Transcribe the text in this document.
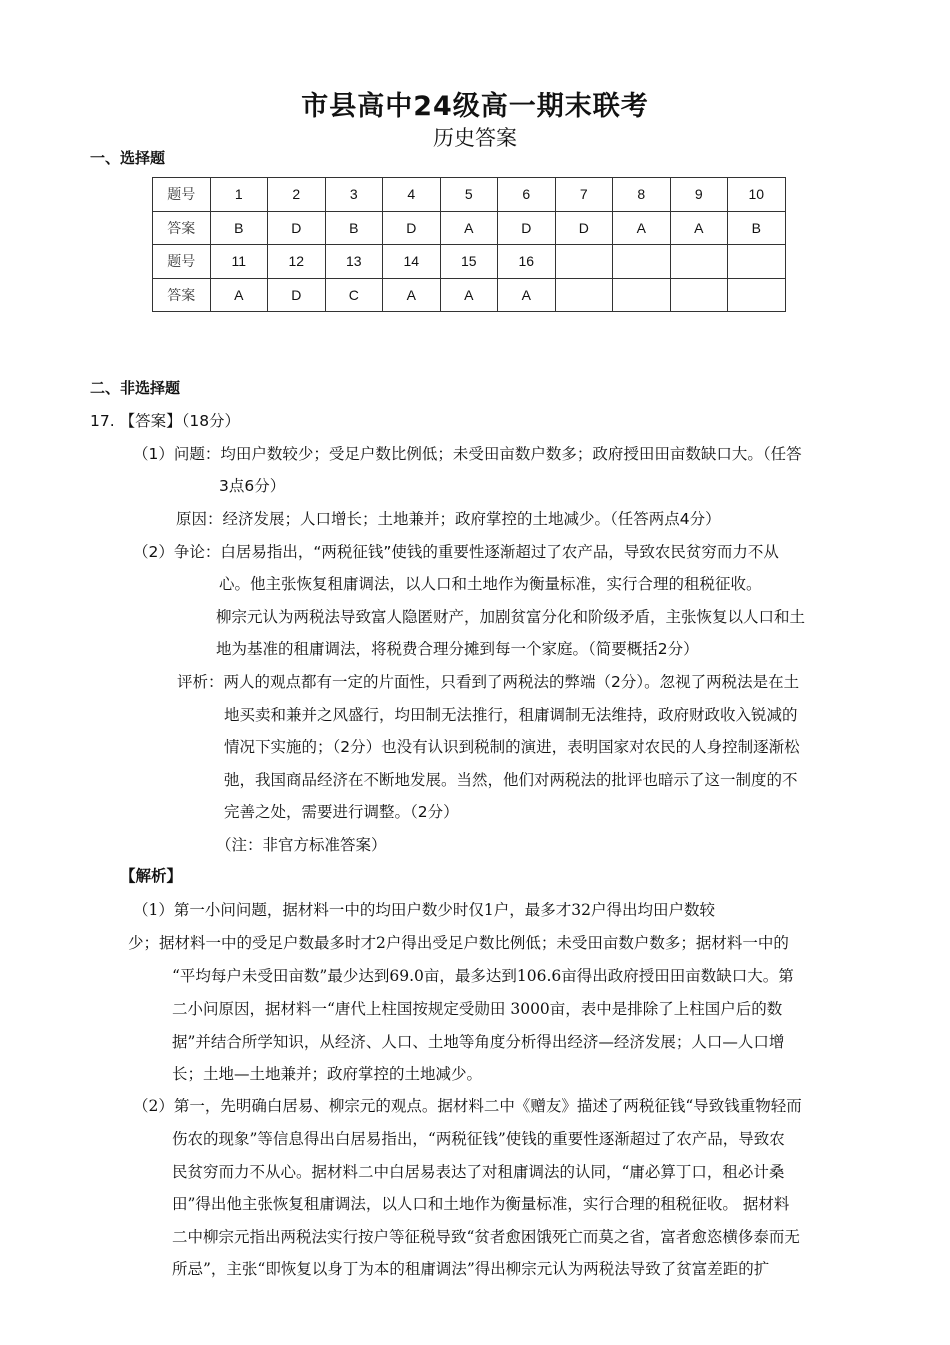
市县高中24级高一期末联考
历史答案
一、选择题
题号	1	2	3	4	5	6	7	8	9	10
答案	B	D	B	D	A	D	D	A	A	B
题号	11	12	13	14	15	16				
答案	A	D	C	A	A	A				
二、非选择题
17. 【答案】（18分）
（1）问题：均田户数较少；受足户数比例低；未受田亩数户数多；政府授田田亩数缺口大。（任答
3点6分）
原因：经济发展；人口增长；土地兼并；政府掌控的土地减少。（任答两点4分）
（2）争论：白居易指出，“两税征钱”使钱的重要性逐渐超过了农产品，导致农民贫穷而力不从
心。他主张恢复租庸调法，以人口和土地作为衡量标准，实行合理的租税征收。
柳宗元认为两税法导致富人隐匿财产，加剧贫富分化和阶级矛盾，主张恢复以人口和土
地为基准的租庸调法，将税费合理分摊到每一个家庭。（简要概括2分）
评析：两人的观点都有一定的片面性，只看到了两税法的弊端（2分）。忽视了两税法是在土
地买卖和兼并之风盛行，均田制无法推行，租庸调制无法维持，政府财政收入锐减的
情况下实施的；（2分）也没有认识到税制的演进，表明国家对农民的人身控制逐渐松
弛，我国商品经济在不断地发展。当然，他们对两税法的批评也暗示了这一制度的不
完善之处，需要进行调整。（2分）
（注：非官方标准答案）
【解析】
（1）第一小问问题，据材料一中的均田户数少时仅1户，最多才32户得出均田户数较
少；据材料一中的受足户数最多时才2户得出受足户数比例低；未受田亩数户数多；据材料一中的
“平均每户未受田亩数”最少达到69.0亩，最多达到106.6亩得出政府授田田亩数缺口大。第
二小问原因，据材料一“唐代上柱国按规定受勋田 3000亩，表中是排除了上柱国户后的数
据”并结合所学知识，从经济、人口、土地等角度分析得出经济—经济发展；人口—人口增
长；土地—土地兼并；政府掌控的土地减少。
（2）第一，先明确白居易、柳宗元的观点。据材料二中《赠友》描述了两税征钱“导致钱重物轻而
伤农的现象”等信息得出白居易指出，“两税征钱”使钱的重要性逐渐超过了农产品，导致农
民贫穷而力不从心。据材料二中白居易表达了对租庸调法的认同，“庸必算丁口，租必计桑
田”得出他主张恢复租庸调法，以人口和土地作为衡量标准，实行合理的租税征收。 据材料
二中柳宗元指出两税法实行按户等征税导致“贫者愈困饿死亡而莫之省，富者愈恣横侈泰而无
所忌”，主张“即恢复以身丁为本的租庸调法”得出柳宗元认为两税法导致了贫富差距的扩
